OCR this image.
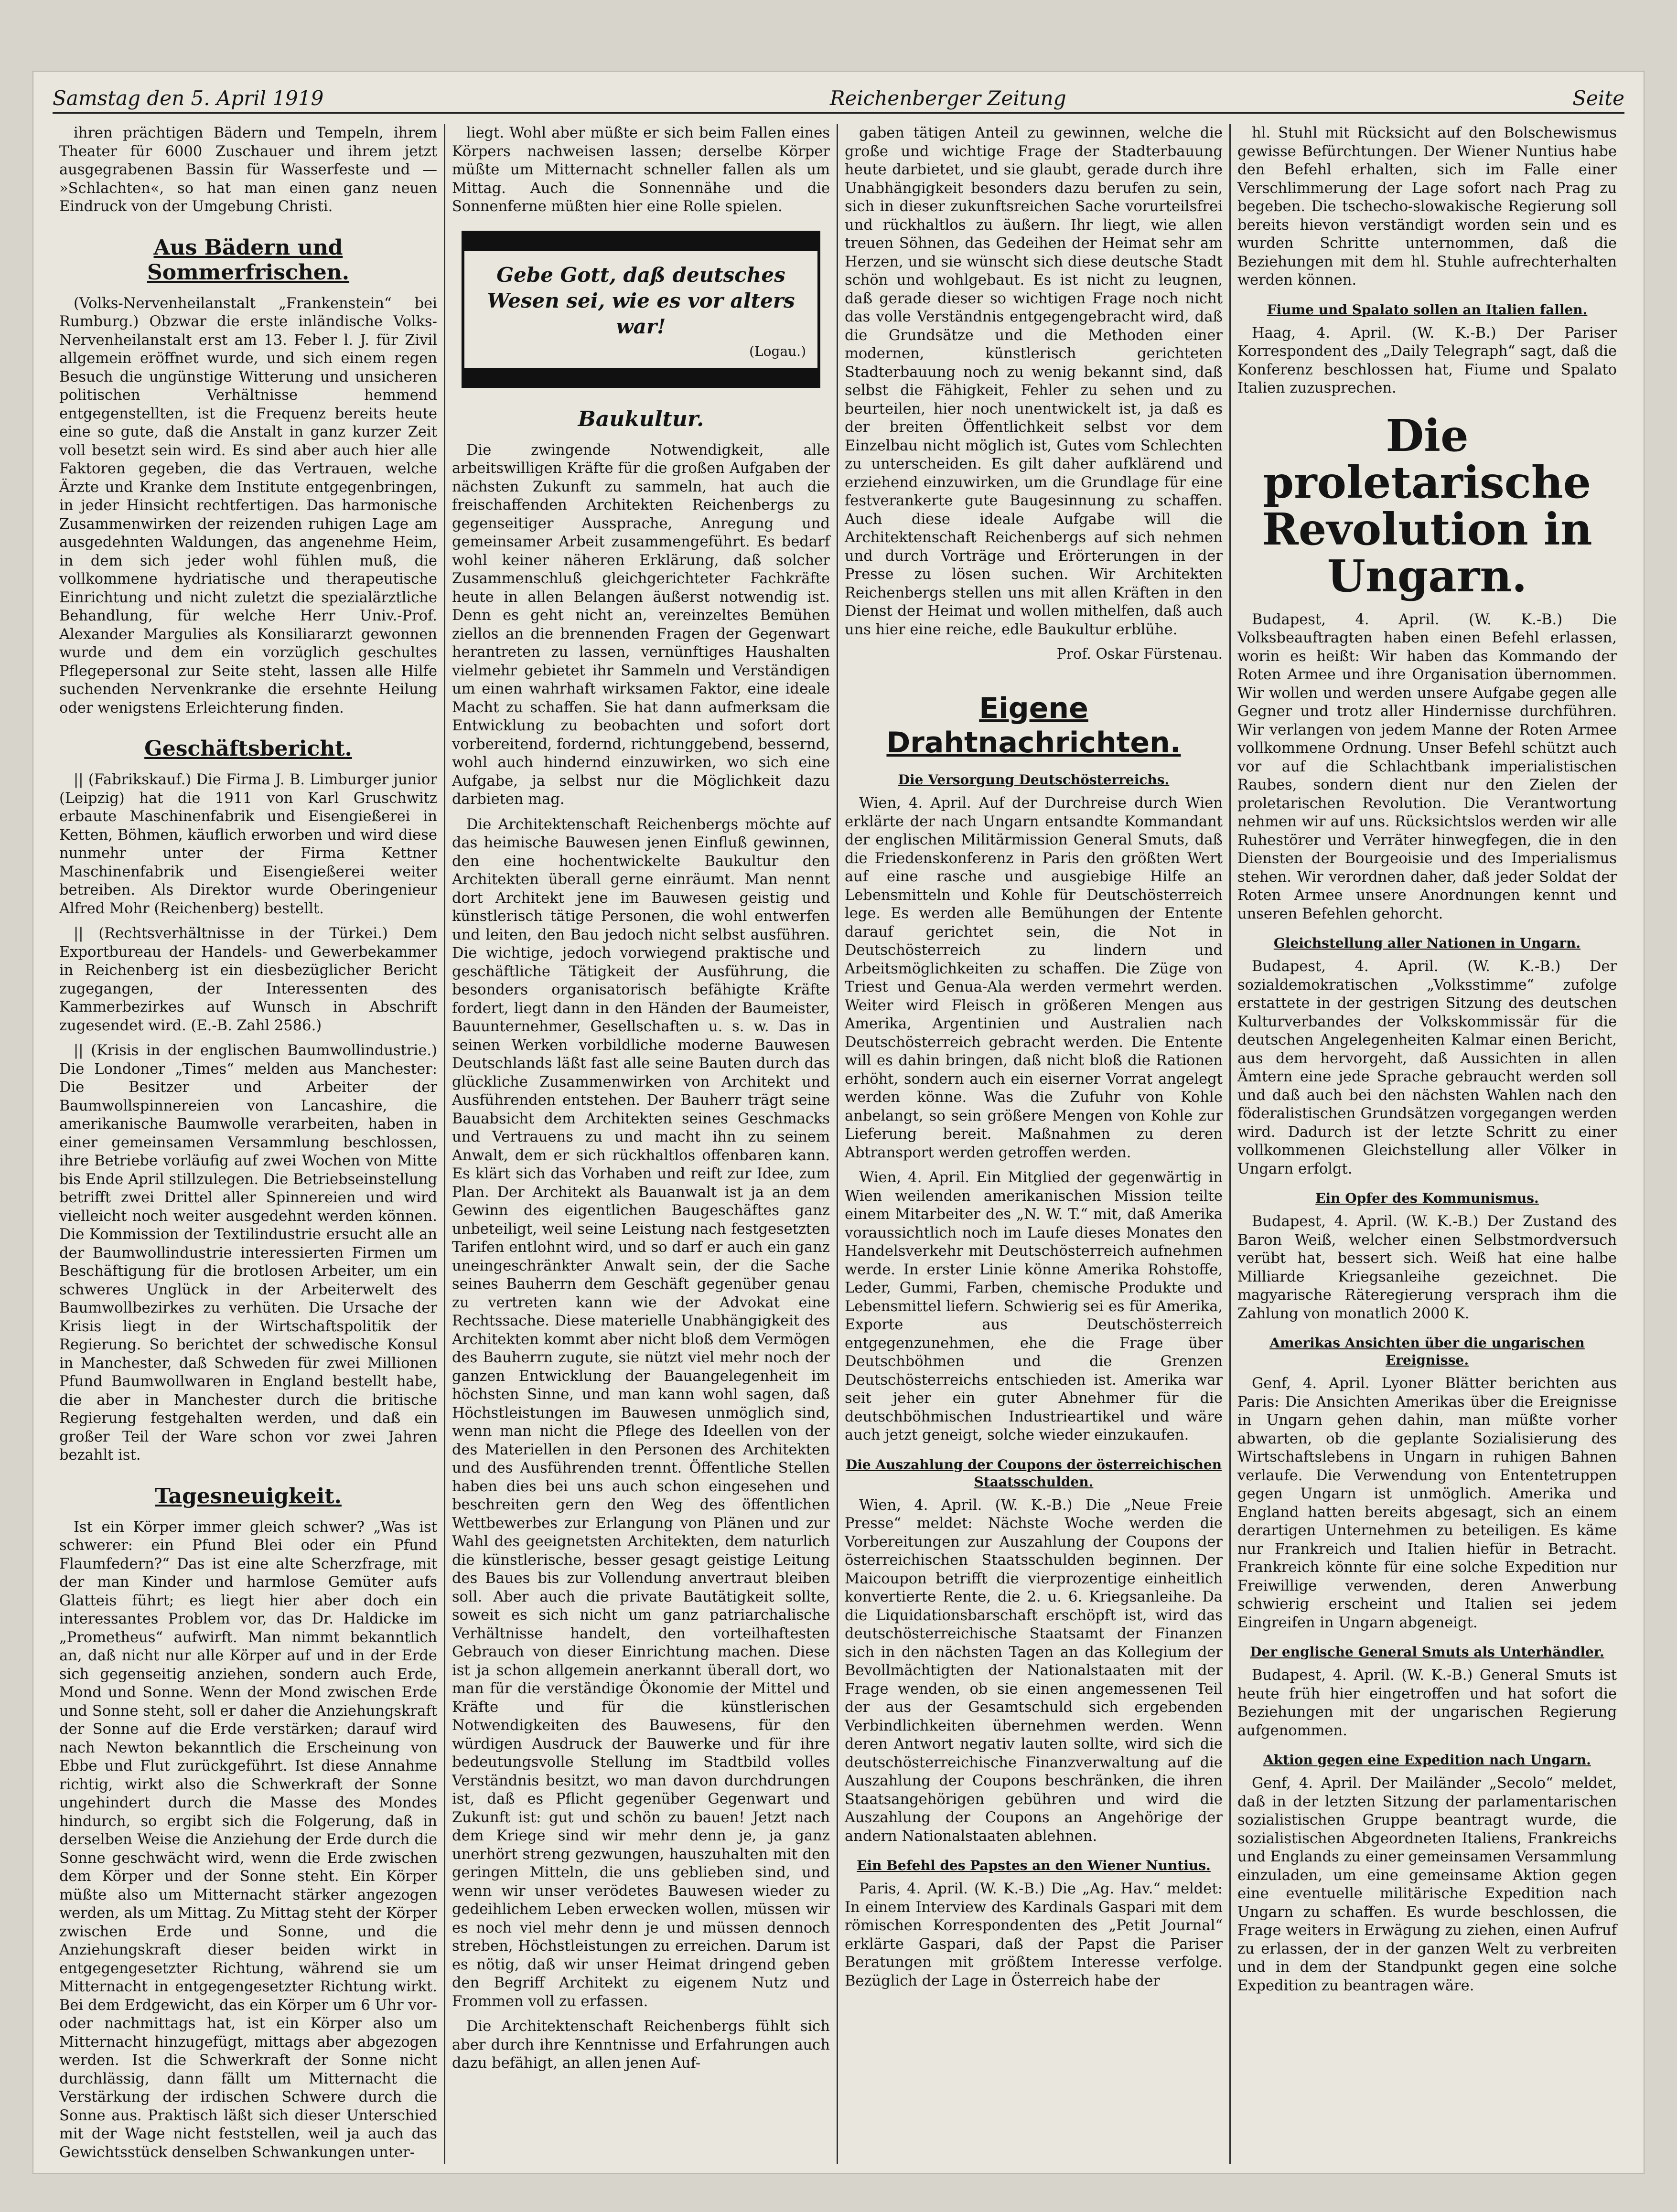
Samstag den 5. April 1919	Reichenberger Zeitung	Seite

ihren prächtigen Bädern und Tempeln, ihrem Theater für 6000 Zuschauer und ihrem jetzt ausgegrabenen Bassin für Wasserfeste und — »Schlachten«, so hat man einen ganz neuen Eindruck von der Umgebung Christi.

Aus Bädern und Sommerfrischen.

(Volks-Nervenheilanstalt „Frankenstein“ bei Rumburg.) Obzwar die erste inländische Volks-Nervenheilanstalt erst am 13. Feber l. J. für Zivil allgemein eröffnet wurde, und sich einem regen Besuch die ungünstige Witterung und unsicheren politischen Verhältnisse hemmend entgegenstellten, ist die Frequenz bereits heute eine so gute, daß die Anstalt in ganz kurzer Zeit voll besetzt sein wird. Es sind aber auch hier alle Faktoren gegeben, die das Vertrauen, welche Ärzte und Kranke dem Institute entgegenbringen, in jeder Hinsicht rechtfertigen. Das harmonische Zusammenwirken der reizenden ruhigen Lage am ausgedehnten Waldungen, das angenehme Heim, in dem sich jeder wohl fühlen muß, die vollkommene hydriatische und therapeutische Einrichtung und nicht zuletzt die spezialärztliche Behandlung, für welche Herr Univ.-Prof. Alexander Margulies als Konsiliararzt gewonnen wurde und dem ein vorzüglich geschultes Pflegepersonal zur Seite steht, lassen alle Hilfe suchenden Nervenkranke die ersehnte Heilung oder wenigstens Erleichterung finden.

Geschäftsbericht.

|| (Fabrikskauf.) Die Firma J. B. Limburger junior (Leipzig) hat die 1911 von Karl Gruschwitz erbaute Maschinenfabrik und Eisengießerei in Ketten, Böhmen, käuflich erworben und wird diese nunmehr unter der Firma Kettner Maschinenfabrik und Eisengießerei weiter betreiben. Als Direktor wurde Oberingenieur Alfred Mohr (Reichenberg) bestellt.

|| (Rechtsverhältnisse in der Türkei.) Dem Exportbureau der Handels- und Gewerbekammer in Reichenberg ist ein diesbezüglicher Bericht zugegangen, der Interessenten des Kammerbezirkes auf Wunsch in Abschrift zugesendet wird. (E.-B. Zahl 2586.)

|| (Krisis in der englischen Baumwollindustrie.) Die Londoner „Times“ melden aus Manchester: Die Besitzer und Arbeiter der Baumwollspinnereien von Lancashire, die amerikanische Baumwolle verarbeiten, haben in einer gemeinsamen Versammlung beschlossen, ihre Betriebe vorläufig auf zwei Wochen von Mitte bis Ende April stillzulegen. Die Betriebseinstellung betrifft zwei Drittel aller Spinnereien und wird vielleicht noch weiter ausgedehnt werden können. Die Kommission der Textilindustrie ersucht alle an der Baumwollindustrie interessierten Firmen um Beschäftigung für die brotlosen Arbeiter, um ein schweres Unglück in der Arbeiterwelt des Baumwollbezirkes zu verhüten. Die Ursache der Krisis liegt in der Wirtschaftspolitik der Regierung. So berichtet der schwedische Konsul in Manchester, daß Schweden für zwei Millionen Pfund Baumwollwaren in England bestellt habe, die aber in Manchester durch die britische Regierung festgehalten werden, und daß ein großer Teil der Ware schon vor zwei Jahren bezahlt ist.

Tagesneuigkeit.

Ist ein Körper immer gleich schwer? „Was ist schwerer: ein Pfund Blei oder ein Pfund Flaumfedern?“ Das ist eine alte Scherzfrage, mit der man Kinder und harmlose Gemüter aufs Glatteis führt; es liegt hier aber doch ein interessantes Problem vor, das Dr. Haldicke im „Prometheus“ aufwirft. Man nimmt bekanntlich an, daß nicht nur alle Körper auf und in der Erde sich gegenseitig anziehen, sondern auch Erde, Mond und Sonne. Wenn der Mond zwischen Erde und Sonne steht, soll er daher die Anziehungskraft der Sonne auf die Erde verstärken; darauf wird nach Newton bekanntlich die Erscheinung von Ebbe und Flut zurückgeführt. Ist diese Annahme richtig, wirkt also die Schwerkraft der Sonne ungehindert durch die Masse des Mondes hindurch, so ergibt sich die Folgerung, daß in derselben Weise die Anziehung der Erde durch die Sonne geschwächt wird, wenn die Erde zwischen dem Körper und der Sonne steht. Ein Körper müßte also um Mitternacht stärker angezogen werden, als um Mittag. Zu Mittag steht der Körper zwischen Erde und Sonne, und die Anziehungskraft dieser beiden wirkt in entgegengesetzter Richtung, während sie um Mitternacht in entgegengesetzter Richtung wirkt. Bei dem Erdgewicht, das ein Körper um 6 Uhr vor- oder nachmittags hat, ist ein Körper also um Mitternacht hinzugefügt, mittags aber abgezogen werden. Ist die Schwerkraft der Sonne nicht durchlässig, dann fällt um Mitternacht die Verstärkung der irdischen Schwere durch die Sonne aus. Praktisch läßt sich dieser Unterschied mit der Wage nicht feststellen, weil ja auch das Gewichtsstück denselben Schwankungen unter-

liegt. Wohl aber müßte er sich beim Fallen eines Körpers nachweisen lassen; derselbe Körper müßte um Mitternacht schneller fallen als um Mittag. Auch die Sonnennähe und die Sonnenferne müßten hier eine Rolle spielen.

Gebe Gott, daß deutsches Wesen sei, wie es vor alters war!
(Logau.)
Baukultur.

Die zwingende Notwendigkeit, alle arbeitswilligen Kräfte für die großen Aufgaben der nächsten Zukunft zu sammeln, hat auch die freischaffenden Architekten Reichenbergs zu gegenseitiger Aussprache, Anregung und gemeinsamer Arbeit zusammengeführt. Es bedarf wohl keiner näheren Erklärung, daß solcher Zusammenschluß gleichgerichteter Fachkräfte heute in allen Belangen äußerst notwendig ist. Denn es geht nicht an, vereinzeltes Bemühen ziellos an die brennenden Fragen der Gegenwart herantreten zu lassen, vernünftiges Haushalten vielmehr gebietet ihr Sammeln und Verständigen um einen wahrhaft wirksamen Faktor, eine ideale Macht zu schaffen. Sie hat dann aufmerksam die Entwicklung zu beobachten und sofort dort vorbereitend, fordernd, richtunggebend, bessernd, wohl auch hindernd einzuwirken, wo sich eine Aufgabe, ja selbst nur die Möglichkeit dazu darbieten mag.

Die Architektenschaft Reichenbergs möchte auf das heimische Bauwesen jenen Einfluß gewinnen, den eine hochentwickelte Baukultur den Architekten überall gerne einräumt. Man nennt dort Architekt jene im Bauwesen geistig und künstlerisch tätige Personen, die wohl entwerfen und leiten, den Bau jedoch nicht selbst ausführen. Die wichtige, jedoch vorwiegend praktische und geschäftliche Tätigkeit der Ausführung, die besonders organisatorisch befähigte Kräfte fordert, liegt dann in den Händen der Baumeister, Bauunternehmer, Gesellschaften u. s. w. Das in seinen Werken vorbildliche moderne Bauwesen Deutschlands läßt fast alle seine Bauten durch das glückliche Zusammenwirken von Architekt und Ausführenden entstehen. Der Bauherr trägt seine Bauabsicht dem Architekten seines Geschmacks und Vertrauens zu und macht ihn zu seinem Anwalt, dem er sich rückhaltlos offenbaren kann. Es klärt sich das Vorhaben und reift zur Idee, zum Plan. Der Architekt als Bauanwalt ist ja an dem Gewinn des eigentlichen Baugeschäftes ganz unbeteiligt, weil seine Leistung nach festgesetzten Tarifen entlohnt wird, und so darf er auch ein ganz uneingeschränkter Anwalt sein, der die Sache seines Bauherrn dem Geschäft gegenüber genau zu vertreten kann wie der Advokat eine Rechtssache. Diese materielle Unabhängigkeit des Architekten kommt aber nicht bloß dem Vermögen des Bauherrn zugute, sie nützt viel mehr noch der ganzen Entwicklung der Bauangelegenheit im höchsten Sinne, und man kann wohl sagen, daß Höchstleistungen im Bauwesen unmöglich sind, wenn man nicht die Pflege des Ideellen von der des Materiellen in den Personen des Architekten und des Ausführenden trennt. Öffentliche Stellen haben dies bei uns auch schon eingesehen und beschreiten gern den Weg des öffentlichen Wettbewerbes zur Erlangung von Plänen und zur Wahl des geeignetsten Architekten, dem naturlich die künstlerische, besser gesagt geistige Leitung des Baues bis zur Vollendung anvertraut bleiben soll. Aber auch die private Bautätigkeit sollte, soweit es sich nicht um ganz patriarchalische Verhältnisse handelt, den vorteilhaftesten Gebrauch von dieser Einrichtung machen. Diese ist ja schon allgemein anerkannt überall dort, wo man für die verständige Ökonomie der Mittel und Kräfte und für die künstlerischen Notwendigkeiten des Bauwesens, für den würdigen Ausdruck der Bauwerke und für ihre bedeutungsvolle Stellung im Stadtbild volles Verständnis besitzt, wo man davon durchdrungen ist, daß es Pflicht gegenüber Gegenwart und Zukunft ist: gut und schön zu bauen! Jetzt nach dem Kriege sind wir mehr denn je, ja ganz unerhört streng gezwungen, hauszuhalten mit den geringen Mitteln, die uns geblieben sind, und wenn wir unser verödetes Bauwesen wieder zu gedeihlichem Leben erwecken wollen, müssen wir es noch viel mehr denn je und müssen dennoch streben, Höchstleistungen zu erreichen. Darum ist es nötig, daß wir unser Heimat dringend geben den Begriff Architekt zu eigenem Nutz und Frommen voll zu erfassen.

Die Architektenschaft Reichenbergs fühlt sich aber durch ihre Kenntnisse und Erfahrungen auch dazu befähigt, an allen jenen Auf-

gaben tätigen Anteil zu gewinnen, welche die große und wichtige Frage der Stadterbauung heute darbietet, und sie glaubt, gerade durch ihre Unabhängigkeit besonders dazu berufen zu sein, sich in dieser zukunftsreichen Sache vorurteilsfrei und rückhaltlos zu äußern. Ihr liegt, wie allen treuen Söhnen, das Gedeihen der Heimat sehr am Herzen, und sie wünscht sich diese deutsche Stadt schön und wohlgebaut. Es ist nicht zu leugnen, daß gerade dieser so wichtigen Frage noch nicht das volle Verständnis entgegengebracht wird, daß die Grundsätze und die Methoden einer modernen, künstlerisch gerichteten Stadterbauung noch zu wenig bekannt sind, daß selbst die Fähigkeit, Fehler zu sehen und zu beurteilen, hier noch unentwickelt ist, ja daß es der breiten Öffentlichkeit selbst vor dem Einzelbau nicht möglich ist, Gutes vom Schlechten zu unterscheiden. Es gilt daher aufklärend und erziehend einzuwirken, um die Grundlage für eine festverankerte gute Baugesinnung zu schaffen. Auch diese ideale Aufgabe will die Architektenschaft Reichenbergs auf sich nehmen und durch Vorträge und Erörterungen in der Presse zu lösen suchen. Wir Architekten Reichenbergs stellen uns mit allen Kräften in den Dienst der Heimat und wollen mithelfen, daß auch uns hier eine reiche, edle Baukultur erblühe.

Prof. Oskar Fürstenau.
Eigene Drahtnachrichten.
Die Versorgung Deutschösterreichs.

Wien, 4. April. Auf der Durchreise durch Wien erklärte der nach Ungarn entsandte Kommandant der englischen Militärmission General Smuts, daß die Friedenskonferenz in Paris den größten Wert auf eine rasche und ausgiebige Hilfe an Lebensmitteln und Kohle für Deutschösterreich lege. Es werden alle Bemühungen der Entente darauf gerichtet sein, die Not in Deutschösterreich zu lindern und Arbeitsmöglichkeiten zu schaffen. Die Züge von Triest und Genua-Ala werden vermehrt werden. Weiter wird Fleisch in größeren Mengen aus Amerika, Argentinien und Australien nach Deutschösterreich gebracht werden. Die Entente will es dahin bringen, daß nicht bloß die Rationen erhöht, sondern auch ein eiserner Vorrat angelegt werden könne. Was die Zufuhr von Kohle anbelangt, so sein größere Mengen von Kohle zur Lieferung bereit. Maßnahmen zu deren Abtransport werden getroffen werden.

Wien, 4. April. Ein Mitglied der gegenwärtig in Wien weilenden amerikanischen Mission teilte einem Mitarbeiter des „N. W. T.“ mit, daß Amerika voraussichtlich noch im Laufe dieses Monates den Handelsverkehr mit Deutschösterreich aufnehmen werde. In erster Linie könne Amerika Rohstoffe, Leder, Gummi, Farben, chemische Produkte und Lebensmittel liefern. Schwierig sei es für Amerika, Exporte aus Deutschösterreich entgegenzunehmen, ehe die Frage über Deutschböhmen und die Grenzen Deutschösterreichs entschieden ist. Amerika war seit jeher ein guter Abnehmer für die deutschböhmischen Industrieartikel und wäre auch jetzt geneigt, solche wieder einzukaufen.

Die Auszahlung der Coupons der österreichischen Staatsschulden.

Wien, 4. April. (W. K.-B.) Die „Neue Freie Presse“ meldet: Nächste Woche werden die Vorbereitungen zur Auszahlung der Coupons der österreichischen Staatsschulden beginnen. Der Maicoupon betrifft die vierprozentige einheitlich konvertierte Rente, die 2. u. 6. Kriegsanleihe. Da die Liquidationsbarschaft erschöpft ist, wird das deutschösterreichische Staatsamt der Finanzen sich in den nächsten Tagen an das Kollegium der Bevollmächtigten der Nationalstaaten mit der Frage wenden, ob sie einen angemessenen Teil der aus der Gesamtschuld sich ergebenden Verbindlichkeiten übernehmen werden. Wenn deren Antwort negativ lauten sollte, wird sich die deutschösterreichische Finanzverwaltung auf die Auszahlung der Coupons beschränken, die ihren Staatsangehörigen gebühren und wird die Auszahlung der Coupons an Angehörige der andern Nationalstaaten ablehnen.

Ein Befehl des Papstes an den Wiener Nuntius.

Paris, 4. April. (W. K.-B.) Die „Ag. Hav.“ meldet: In einem Interview des Kardinals Gaspari mit dem römischen Korrespondenten des „Petit Journal“ erklärte Gaspari, daß der Papst die Pariser Beratungen mit größtem Interesse verfolge. Bezüglich der Lage in Österreich habe der

hl. Stuhl mit Rücksicht auf den Bolschewismus gewisse Befürchtungen. Der Wiener Nuntius habe den Befehl erhalten, sich im Falle einer Verschlimmerung der Lage sofort nach Prag zu begeben. Die tschecho-slowakische Regierung soll bereits hievon verständigt worden sein und es wurden Schritte unternommen, daß die Beziehungen mit dem hl. Stuhle aufrechterhalten werden können.

Fiume und Spalato sollen an Italien fallen.

Haag, 4. April. (W. K.-B.) Der Pariser Korrespondent des „Daily Telegraph“ sagt, daß die Konferenz beschlossen hat, Fiume und Spalato Italien zuzusprechen.

Die proletarische Revolution in Ungarn.

Budapest, 4. April. (W. K.-B.) Die Volksbeauftragten haben einen Befehl erlassen, worin es heißt: Wir haben das Kommando der Roten Armee und ihre Organisation übernommen. Wir wollen und werden unsere Aufgabe gegen alle Gegner und trotz aller Hindernisse durchführen. Wir verlangen von jedem Manne der Roten Armee vollkommene Ordnung. Unser Befehl schützt auch vor auf die Schlachtbank imperialistischen Raubes, sondern dient nur den Zielen der proletarischen Revolution. Die Verantwortung nehmen wir auf uns. Rücksichtslos werden wir alle Ruhestörer und Verräter hinwegfegen, die in den Diensten der Bourgeoisie und des Imperialismus stehen. Wir verordnen daher, daß jeder Soldat der Roten Armee unsere Anordnungen kennt und unseren Befehlen gehorcht.

Gleichstellung aller Nationen in Ungarn.

Budapest, 4. April. (W. K.-B.) Der sozialdemokratischen „Volksstimme“ zufolge erstattete in der gestrigen Sitzung des deutschen Kulturverbandes der Volkskommissär für die deutschen Angelegenheiten Kalmar einen Bericht, aus dem hervorgeht, daß Aussichten in allen Ämtern eine jede Sprache gebraucht werden soll und daß auch bei den nächsten Wahlen nach den föderalistischen Grundsätzen vorgegangen werden wird. Dadurch ist der letzte Schritt zu einer vollkommenen Gleichstellung aller Völker in Ungarn erfolgt.

Ein Opfer des Kommunismus.

Budapest, 4. April. (W. K.-B.) Der Zustand des Baron Weiß, welcher einen Selbstmordversuch verübt hat, bessert sich. Weiß hat eine halbe Milliarde Kriegsanleihe gezeichnet. Die magyarische Räteregierung versprach ihm die Zahlung von monatlich 2000 K.

Amerikas Ansichten über die ungarischen Ereignisse.

Genf, 4. April. Lyoner Blätter berichten aus Paris: Die Ansichten Amerikas über die Ereignisse in Ungarn gehen dahin, man müßte vorher abwarten, ob die geplante Sozialisierung des Wirtschaftslebens in Ungarn in ruhigen Bahnen verlaufe. Die Verwendung von Ententetruppen gegen Ungarn ist unmöglich. Amerika und England hatten bereits abgesagt, sich an einem derartigen Unternehmen zu beteiligen. Es käme nur Frankreich und Italien hiefür in Betracht. Frankreich könnte für eine solche Expedition nur Freiwillige verwenden, deren Anwerbung schwierig erscheint und Italien sei jedem Eingreifen in Ungarn abgeneigt.

Der englische General Smuts als Unterhändler.

Budapest, 4. April. (W. K.-B.) General Smuts ist heute früh hier eingetroffen und hat sofort die Beziehungen mit der ungarischen Regierung aufgenommen.

Aktion gegen eine Expedition nach Ungarn.

Genf, 4. April. Der Mailänder „Secolo“ meldet, daß in der letzten Sitzung der parlamentarischen sozialistischen Gruppe beantragt wurde, die sozialistischen Abgeordneten Italiens, Frankreichs und Englands zu einer gemeinsamen Versammlung einzuladen, um eine gemeinsame Aktion gegen eine eventuelle militärische Expedition nach Ungarn zu schaffen. Es wurde beschlossen, die Frage weiters in Erwägung zu ziehen, einen Aufruf zu erlassen, der in der ganzen Welt zu verbreiten und in dem der Standpunkt gegen eine solche Expedition zu beantragen wäre.
